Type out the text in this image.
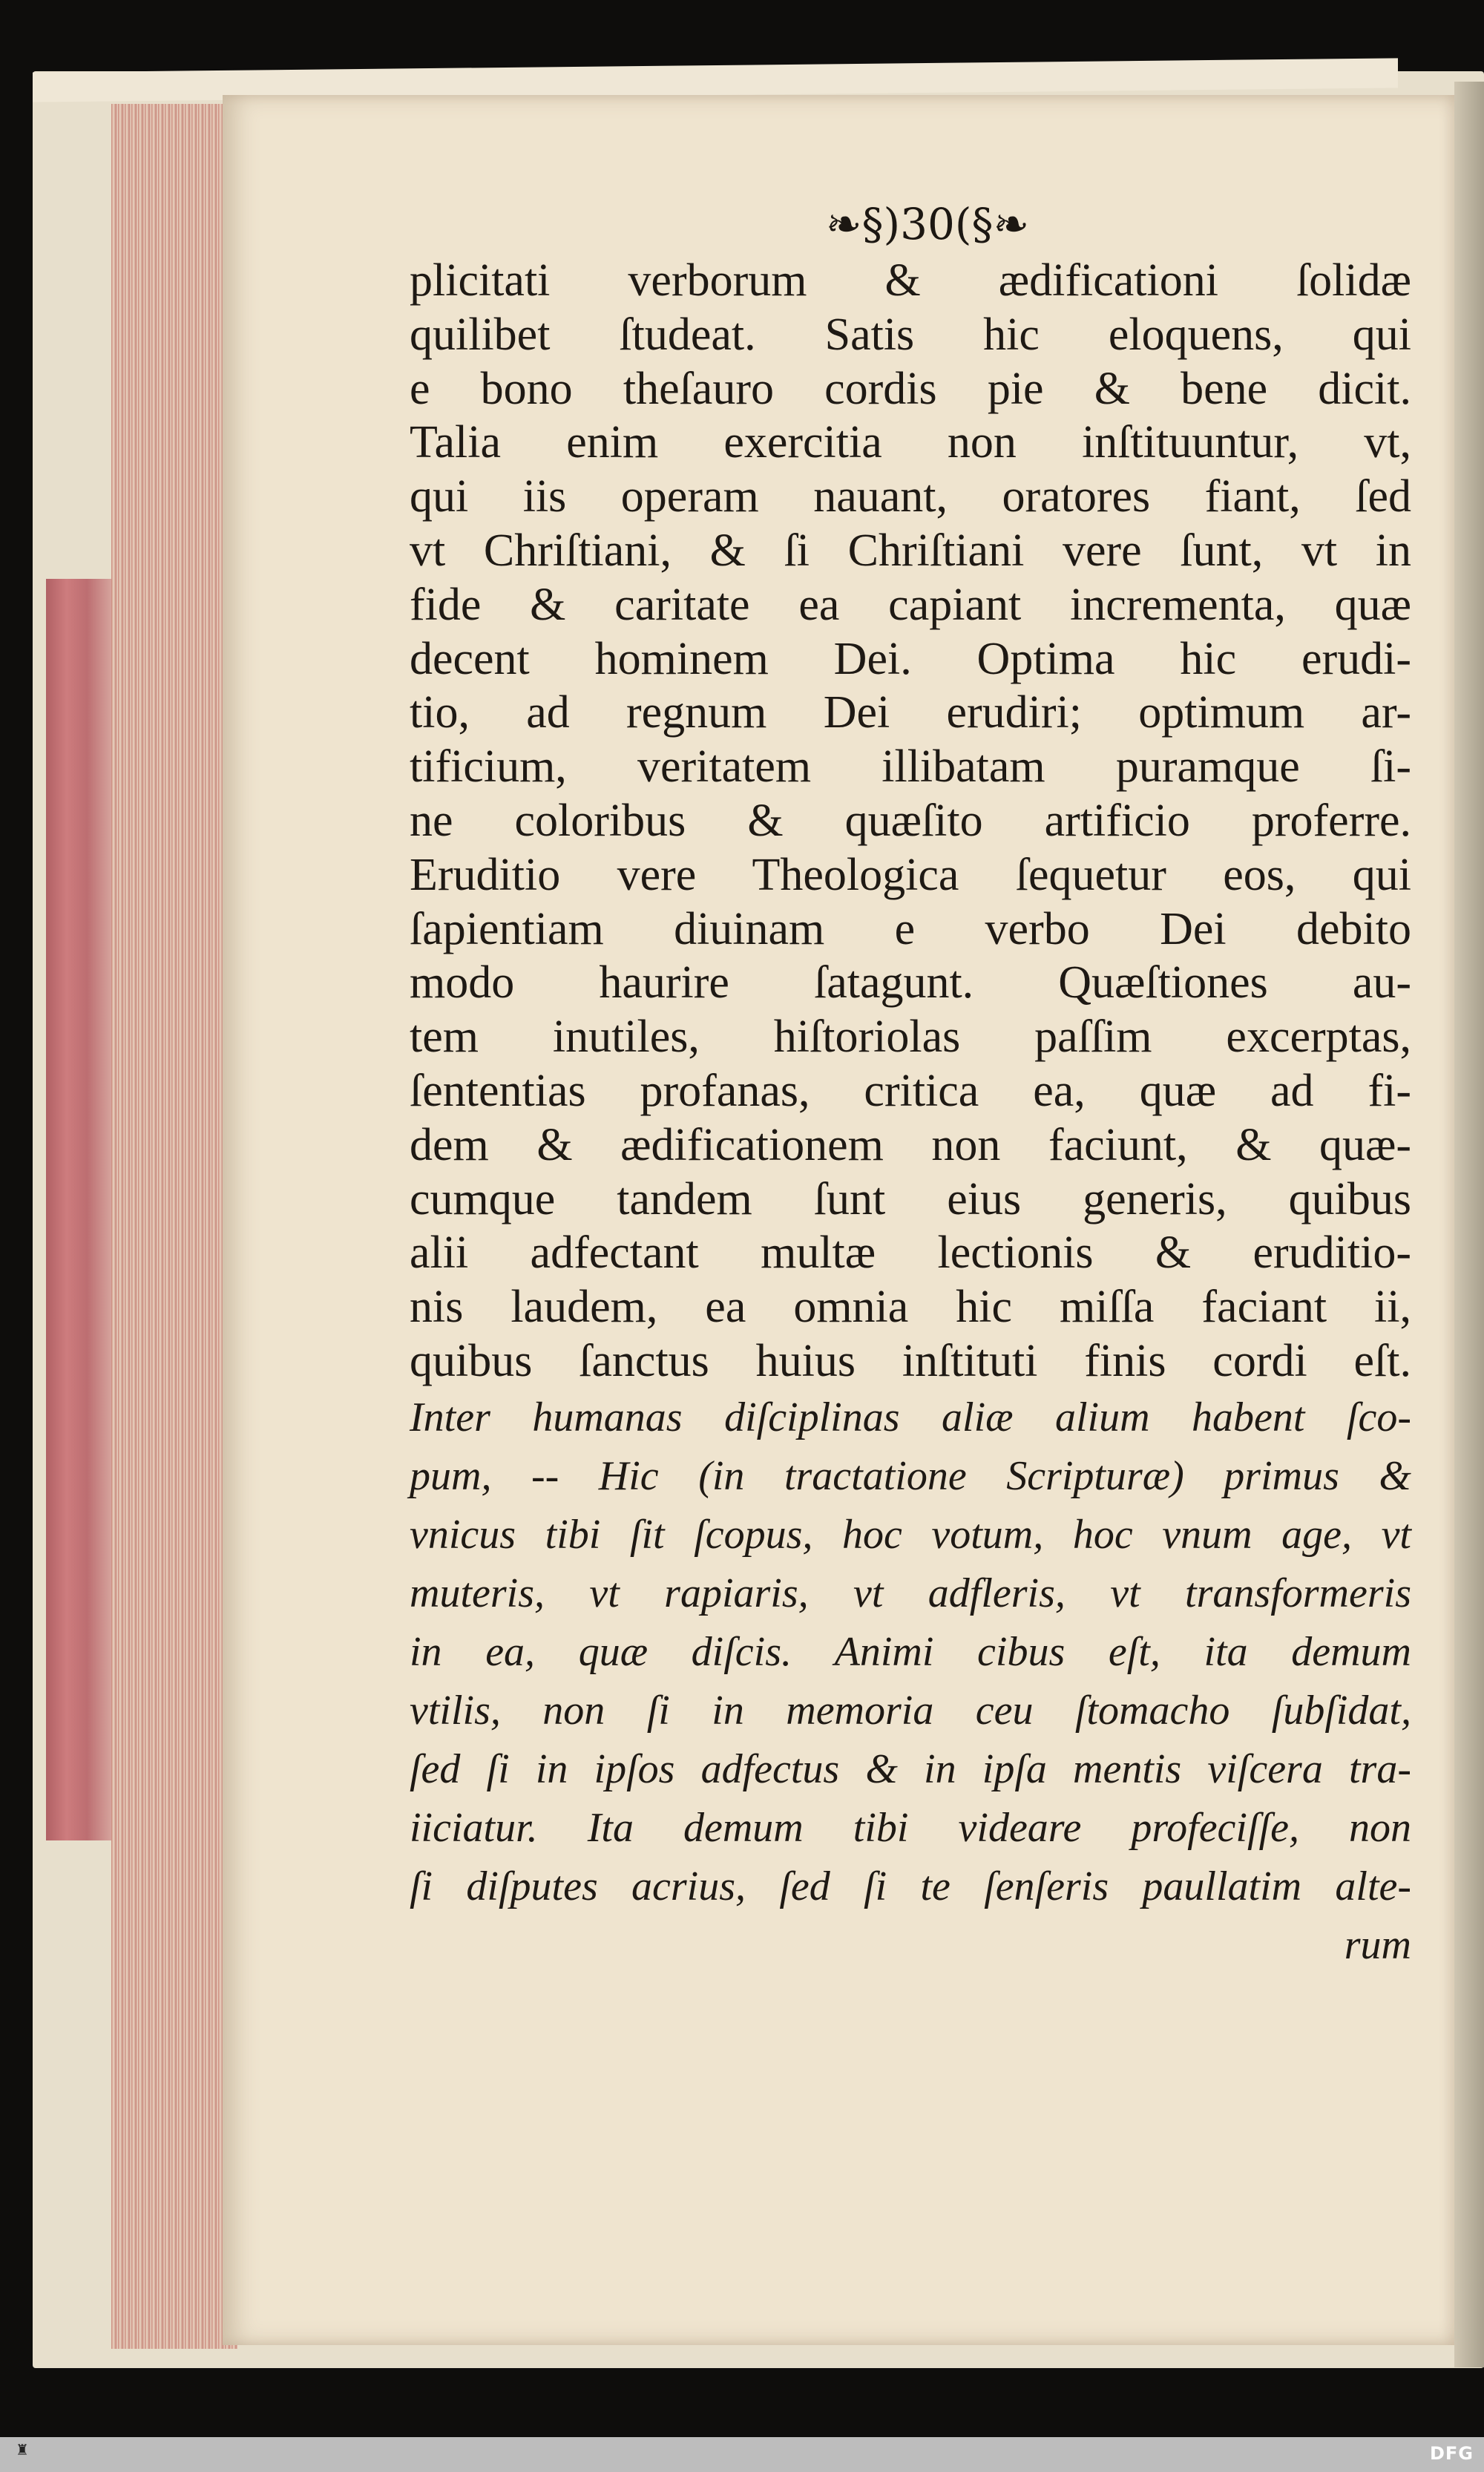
❧§)30(§❧
plicitati verborum & ædificationi ſolidæ
quilibet ſtudeat. Satis hic eloquens, qui
e bono theſauro cordis pie & bene dicit.
Talia enim exercitia non inſtituuntur, vt,
qui iis operam nauant, oratores fiant, ſed
vt Chriſtiani, & ſi Chriſtiani vere ſunt, vt in
fide & caritate ea capiant incrementa, quæ
decent hominem Dei. Optima hic erudi-
tio, ad regnum Dei erudiri; optimum ar-
tificium, veritatem illibatam puramque ſi-
ne coloribus & quæſito artificio proferre.
Eruditio vere Theologica ſequetur eos, qui
ſapientiam diuinam e verbo Dei debito
modo haurire ſatagunt. Quæſtiones au-
tem inutiles, hiſtoriolas paſſim excerptas,
ſententias profanas, critica ea, quæ ad fi-
dem & ædificationem non faciunt, & quæ-
cumque tandem ſunt eius generis, quibus
alii adfectant multæ lectionis & eruditio-
nis laudem, ea omnia hic miſſa faciant ii,
quibus ſanctus huius inſtituti finis cordi eſt.
Inter humanas diſciplinas aliæ alium habent ſco-
pum, -- Hic (in tractatione Scripturæ) primus &
vnicus tibi ſit ſcopus, hoc votum, hoc vnum age, vt
muteris, vt rapiaris, vt adfleris, vt transformeris
in ea, quæ diſcis. Animi cibus eſt, ita demum
vtilis, non ſi in memoria ceu ſtomacho ſubſidat,
ſed ſi in ipſos adfectus & in ipſa mentis viſcera tra-
iiciatur. Ita demum tibi videare profeciſſe, non
ſi diſputes acrius, ſed ſi te ſenſeris paullatim alte-
rum
♜	DFG
